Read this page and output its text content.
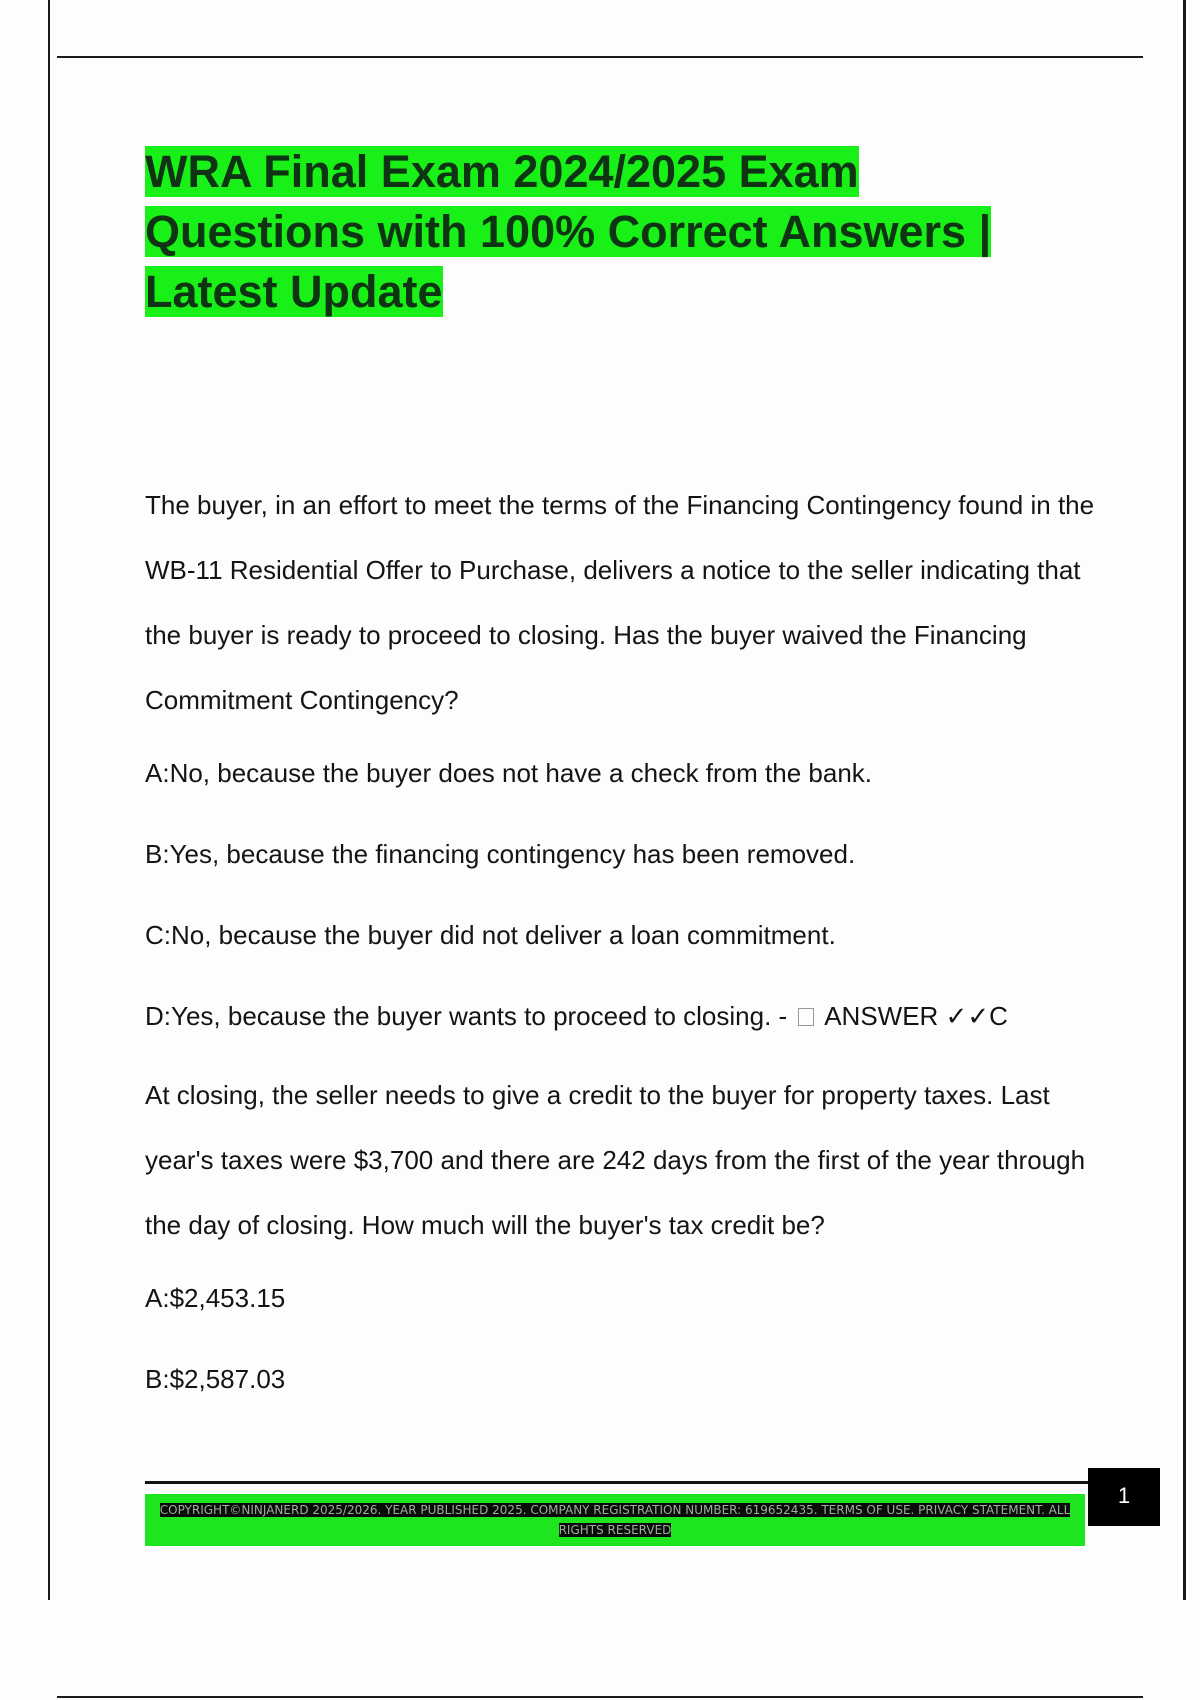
WRA Final Exam 2024/2025 Exam Questions with 100% Correct Answers | Latest Update

The buyer, in an effort to meet the terms of the Financing Contingency found in the WB-11 Residential Offer to Purchase, delivers a notice to the seller indicating that the buyer is ready to proceed to closing. Has the buyer waived the Financing Commitment Contingency?

A:No, because the buyer does not have a check from the bank.

B:Yes, because the financing contingency has been removed.

C:No, because the buyer did not deliver a loan commitment.

D:Yes, because the buyer wants to proceed to closing. -  ANSWER ✓✓C

At closing, the seller needs to give a credit to the buyer for property taxes. Last year's taxes were $3,700 and there are 242 days from the first of the year through the day of closing. How much will the buyer's tax credit be?

A:$2,453.15

B:$2,587.03

COPYRIGHT©NINJANERD 2025/2026. YEAR PUBLISHED 2025. COMPANY REGISTRATION NUMBER: 619652435. TERMS OF USE. PRIVACY STATEMENT. ALL RIGHTS RESERVED
1
